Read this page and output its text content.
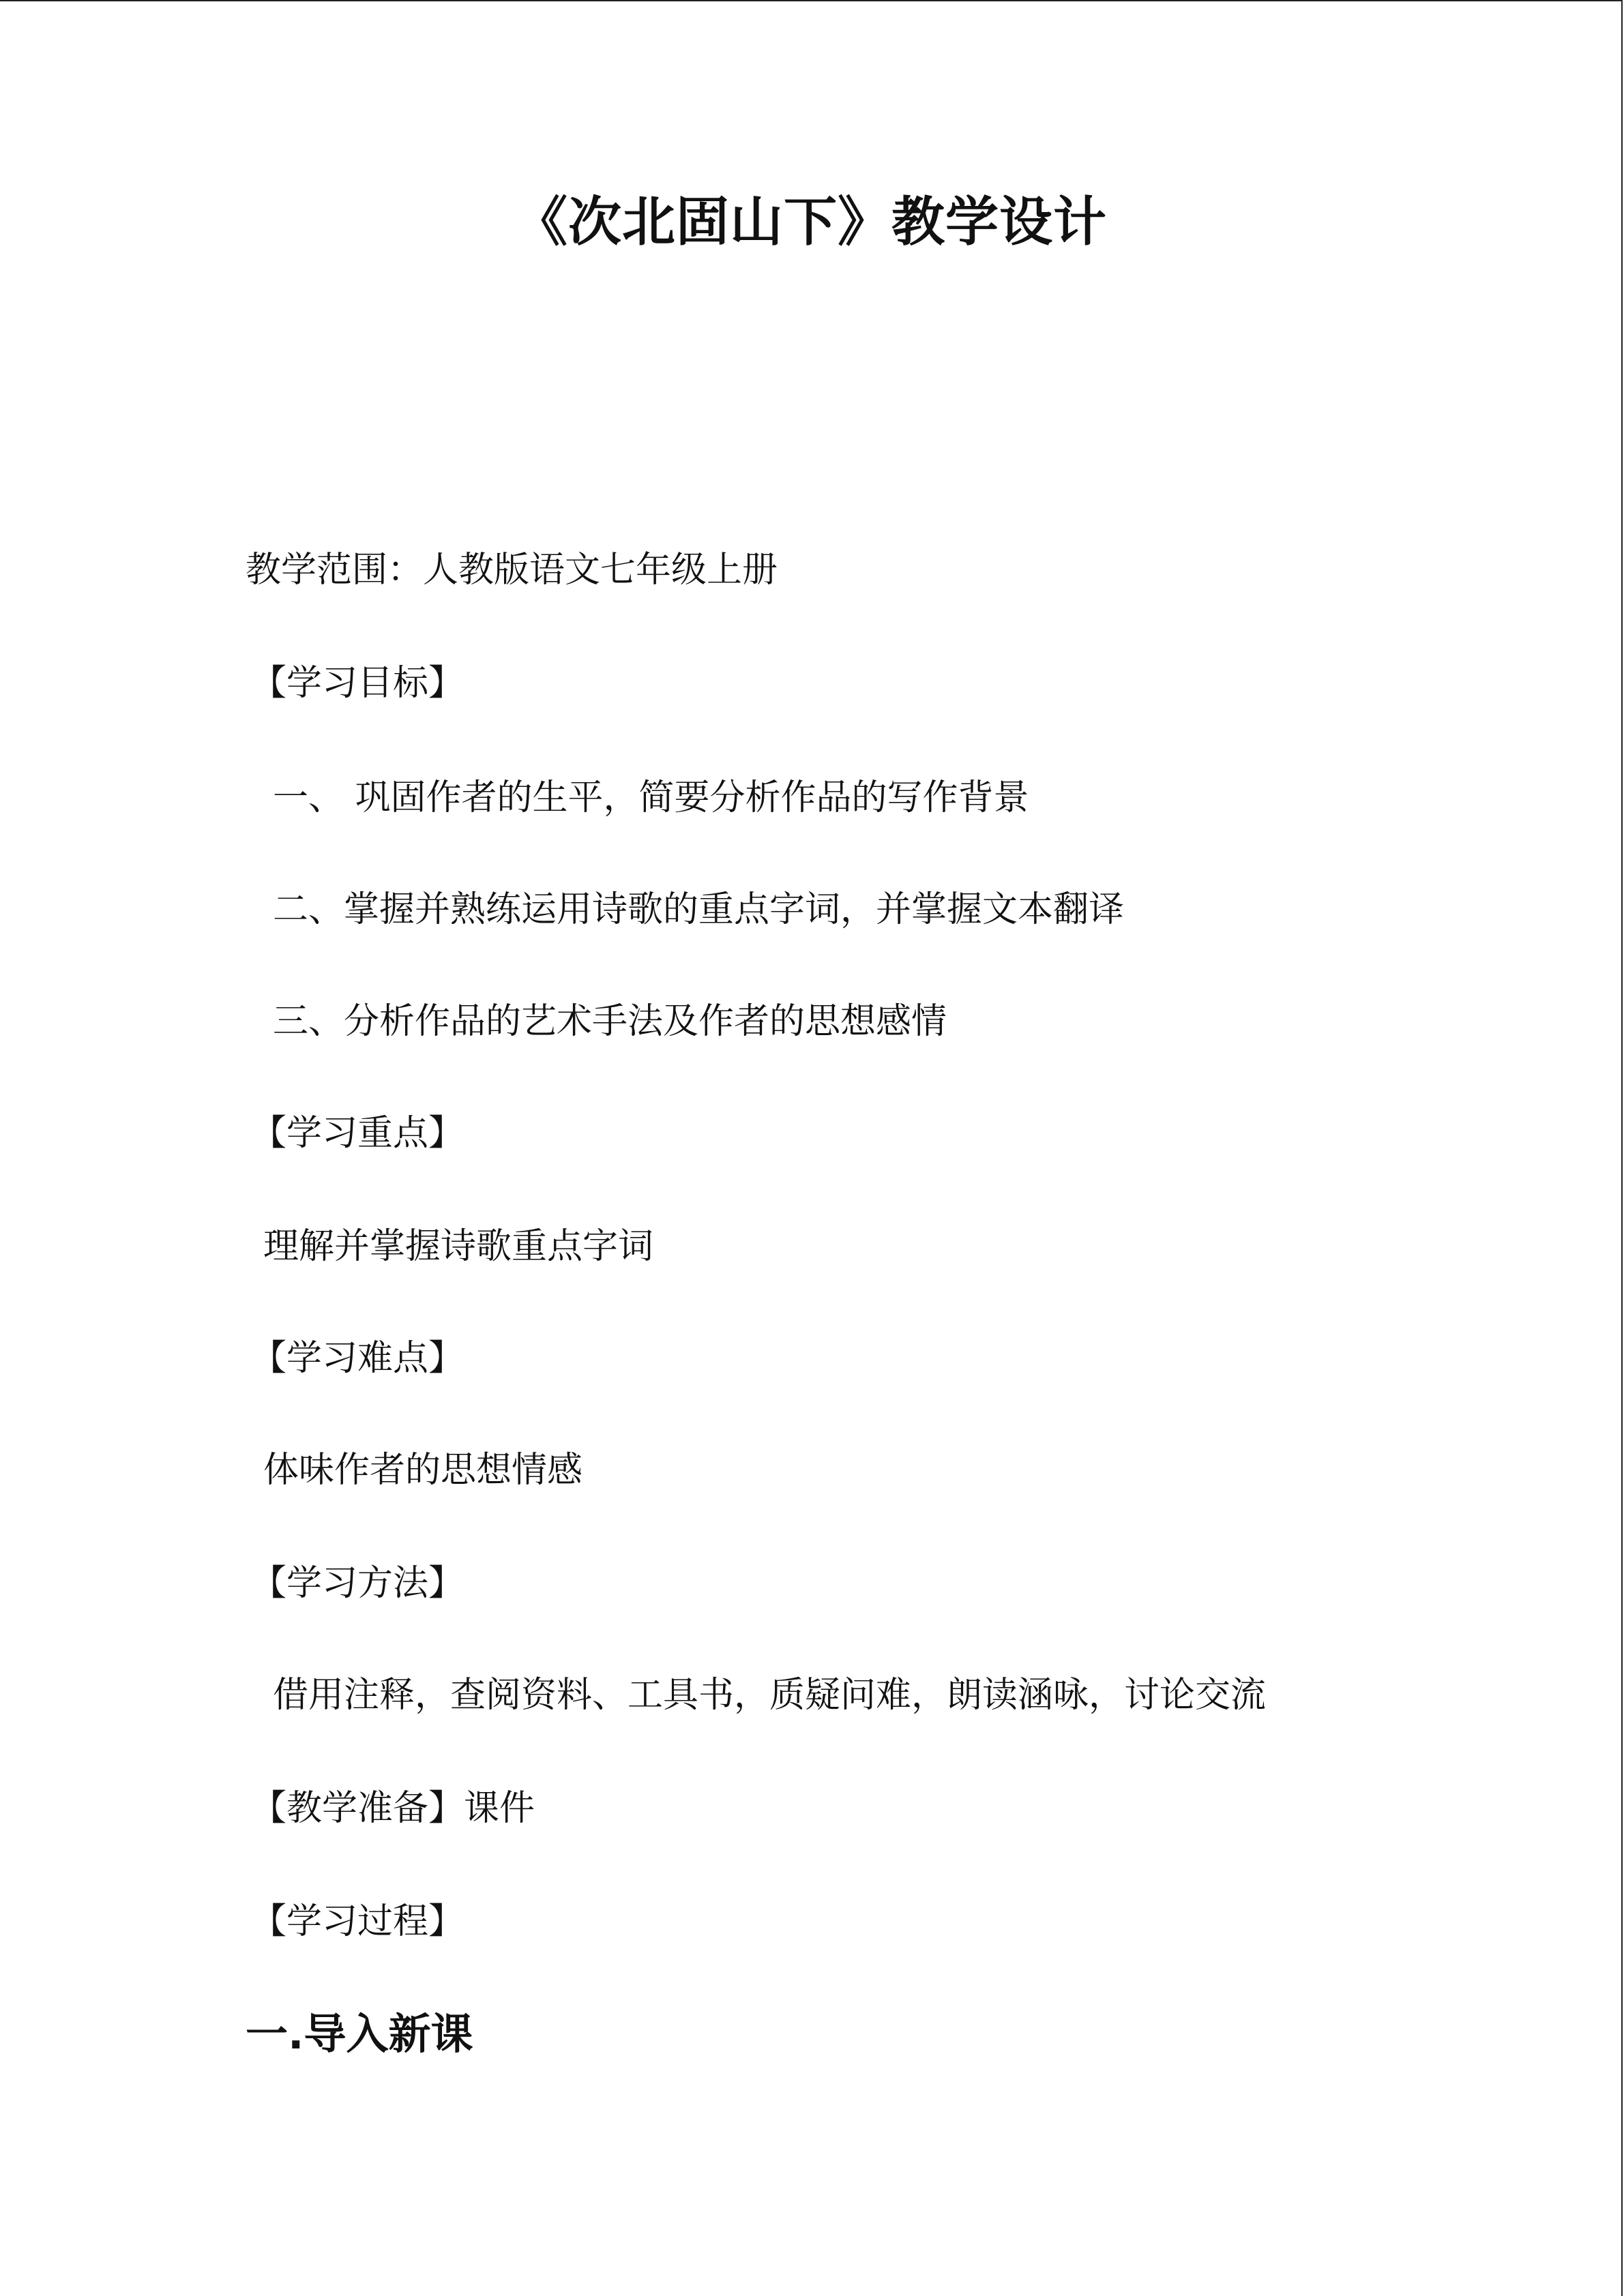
《次北固山下》教学设计
教学范围：人教版语文七年级上册
【学习目标】
一、 巩固作者的生平，简要分析作品的写作背景
二、掌握并熟练运用诗歌的重点字词，并掌握文本翻译
三、分析作品的艺术手法及作者的思想感情
【学习重点】
理解并掌握诗歌重点字词
【学习难点】
体味作者的思想情感
【学习方法】
借用注释，查阅资料、工具书，质疑问难，朗读涵咏，讨论交流
【教学准备】课件
【学习过程】
一.导入新课
